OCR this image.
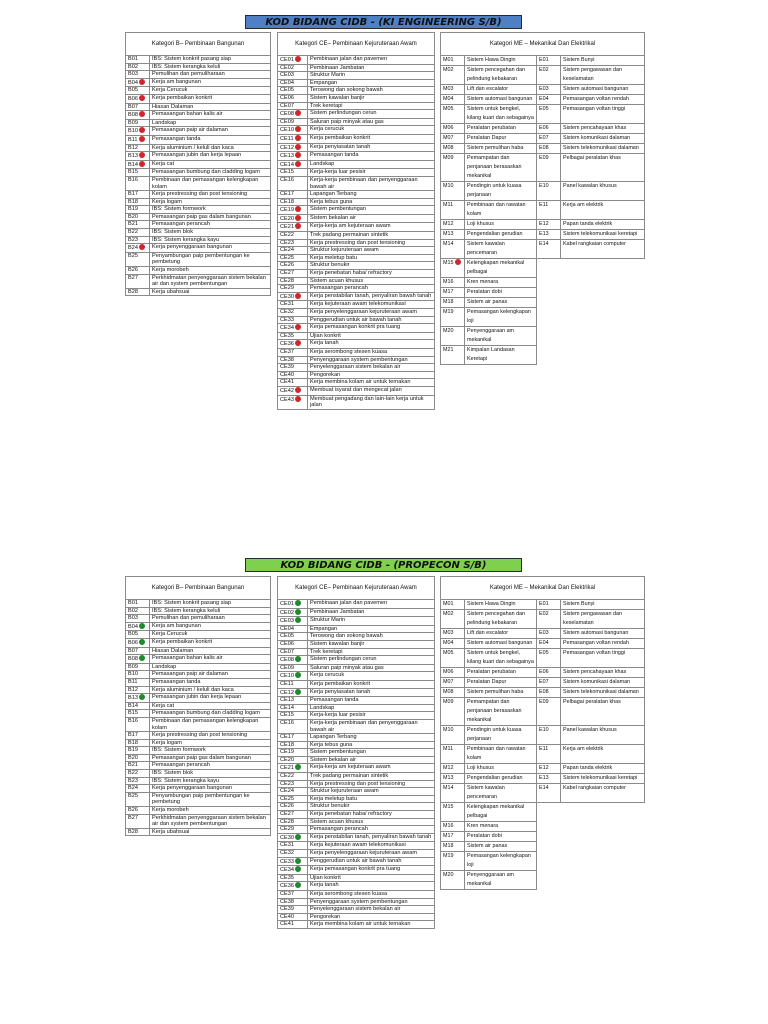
KOD BIDANG CIDB - (KI ENGINEERING S/B)
Kategori B– Pembinaan Bangunan	
B01	IBS: Sistem konkrit pasang siap
B02	IBS: Sistem kerangka keluli
B03	Pemulihan dan pemuliharaan
B04	Kerja am bangunan
B05	Kerja Cerucuk
B06	Kerja pembaikan konkrit
B07	Hiasan Dalaman
B08	Pemasangan bahan kalis air
B09	Landskap
B10	Pemasangan paip air dalaman
B11	Pemasangan tanda
B12	Kerja aluminium / keluli dan kaca
B13	Pemasangan jubin dan kerja lepaan
B14	Kerja cat
B15	Pemasangan bumbung dan cladding logam
B16	Pembinaan dan pemasangan kelengkapan kolam
B17	Kerja prestressing dan post tensioning
B18	Kerja logam
B19	IBS: Sistem formwork
B20	Pemasangan paip gas dalam bangunan
B21	Pemasangan perancah
B22	IBS: Sistem blok
B23	IBS: Sistem kerangka kayu
B24	Kerja penyenggaraan bangunan
B25	Penyambungan paip pembentungan ke pembetung
B26	Kerja morobeh
B27	Perkhidmatan penyenggaraan sistem bekalan air dan system pembentungan
B28	Kerja ubahsuai
Kategori CE– Pembinaan Kejuruteraan Awam	
CE01	Pembinaan jalan dan pavemen
CE02	Pembinaan Jambatan
CE03	Struktur Marin
CE04	Empangan
CE05	Terowong dan sokong bawah
CE06	Sistem kawalan banjir
CE07	Trek keretapi
CE08	Sistem perlindungan cerun
CE09	Saluran paip minyak atau gas
CE10	Kerja cerucuk
CE11	Kerja pembaikan konkrit
CE12	Kerja penyiasatan tanah
CE13	Pemasangan tanda
CE14	Landskap
CE15	Kerja-kerja luar pesisir
CE16	Kerja-kerja pembinaan dan penyenggaraan bawah air
CE17	Lapangan Terbang
CE18	Kerja tebus guna
CE19	Sistem pembentungan
CE20	Sistem bekalan air
CE21	Kerja-kerja am kejuteraan awam
CE22	Trek padang permainan sintetik
CE23	Kerja prestressing dan post tensioning
CE24	Struktur kejuruteraan awam
CE25	Kerja meletup batu
CE26	Struktur benukir
CE27	Kerja penebatan haba/ refractory
CE28	Sistem acuan khusus
CE29	Pemasangan perancah
CE30	Kerja penstabilan tanah, penyaliran bawah tanah
CE31	Kerja kejuteraan awam telekomunikasi
CE32	Kerja penyelenggaraan kejuruteraan awam
CE33	Penggerudian untuk air bawah tanah
CE34	Kerja pemasangan konkrit pra tuang
CE35	Ujian konkrit
CE36	Kerja tanah
CE37	Kerja serombong stesen kuasa
CE38	Penyenggaraan system pembentungan
CE39	Penyelenggaraan sistem bekalan air
CE40	Pengorekan
CE41	Kerja membina kolam air untuk ternakan
CE42	Membuat isyarat dan mengecat jalan
CE43	Membuat pengadang dan lain-lain kerja untuk jalan
Kategori ME – Mekanikal Dan Elektrikal			
M01	Sistem Hawa Dingin	E01	Sistem Bunyi
M02	Sistem pencegahan dan pelindung kebakaran	E02	Sistem pengawasan dan keselamatan
M03	Lift dan escalator	E03	Sistem automasi bangunan
M04	Sistem automasi bangunan	E04	Pemasangan voltan rendah
M05	Sistem untuk bengkel, kilang kuari dan sebagainya	E05	Pemasangan voltan tinggi
M06	Peralatan perubatan	E06	Sistem pencahayaan khas
M07	Peralatan Dapur	E07	Sistem komunikasi dalaman
M08	Sistem pemulihan haba	E08	Sistem telekomunikasi dalaman
M09	Pemampatan dan penjanaan berasaskan mekanikal	E09	Pelbagai peralatan khas
M10	Pendingin untuk kuasa perjanaan	E10	Panel kawalan khusus
M11	Pembinaan dan rawatan kolam	E11	Kerja am elektrik
M12	Loji khusus	E12	Papan tanda elektrik
M13	Pengendalian gerudian	E13	Sistem telekomunikasi keretapi
M14	Sistem kawalan pencemaran	E14	Kabel rangkaian computer
M15	Kelengkapan mekanikal pelbagai		
M16	Kren menara		
M17	Peralatan dobi		
M18	Sistem air panas		
M19	Pemasangan kelengkapan loji		
M20	Penyenggaraan am mekanikal		
M21	Kimpalan Landasan Keretapi		
KOD BIDANG CIDB - (PROPECON S/B)
Kategori B– Pembinaan Bangunan	
B01	IBS: Sistem konkrit pasang siap
B02	IBS: Sistem kerangka keluli
B03	Pemulihan dan pemuliharaan
B04	Kerja am bangunan
B05	Kerja Cerucuk
B06	Kerja pembaikan konkrit
B07	Hiasan Dalaman
B08	Pemasangan bahan kalis air
B09	Landskap
B10	Pemasangan paip air dalaman
B11	Pemasangan tanda
B12	Kerja aluminium / keluli dan kaca
B13	Pemasangan jubin dan kerja lepaan
B14	Kerja cat
B15	Pemasangan bumbung dan cladding logam
B16	Pembinaan dan pemasangan kelengkapan kolam
B17	Kerja prestressing dan post tensioning
B18	Kerja logam
B19	IBS: Sistem formwork
B20	Pemasangan paip gas dalam bangunan
B21	Pemasangan perancah
B22	IBS: Sistem blok
B23	IBS: Sistem kerangka kayu
B24	Kerja penyenggaraan bangunan
B25	Penyambungan paip pembentungan ke pembetung
B26	Kerja morobeh
B27	Perkhidmatan penyenggaraan sistem bekalan air dan system pembentungan
B28	Kerja ubahsuai
Kategori CE– Pembinaan Kejuruteraan Awam	
CE01	Pembinaan jalan dan pavemen
CE02	Pembinaan Jambatan
CE03	Struktur Marin
CE04	Empangan
CE05	Terowong dan sokong bawah
CE06	Sistem kawalan banjir
CE07	Trek keretapi
CE08	Sistem perlindungan cerun
CE09	Saluran paip minyak atau gas
CE10	Kerja cerucuk
CE11	Kerja pembaikan konkrit
CE12	Kerja penyiasatan tanah
CE13	Pemasangan tanda
CE14	Landskap
CE15	Kerja-kerja luar pesisir
CE16	Kerja-kerja pembinaan dan penyenggaraan bawah air
CE17	Lapangan Terbang
CE18	Kerja tebus guna
CE19	Sistem pembentungan
CE20	Sistem bekalan air
CE21	Kerja-kerja am kejuteraan awam
CE22	Trek padang permainan sintetik
CE23	Kerja prestressing dan post tensioning
CE24	Struktur kejuruteraan awam
CE25	Kerja meletup batu
CE26	Struktur benukir
CE27	Kerja penebatan haba/ refractory
CE28	Sistem acuan khusus
CE29	Pemasangan perancah
CE30	Kerja penstabilan tanah, penyaliran bawah tanah
CE31	Kerja kejuteraan awam telekomunikasi
CE32	Kerja penyelenggaraan kejuruteraan awam
CE33	Penggerudian untuk air bawah tanah
CE34	Kerja pemasangan konkrit pra tuang
CE35	Ujian konkrit
CE36	Kerja tanah
CE37	Kerja serombong stesen kuasa
CE38	Penyenggaraan system pembentungan
CE39	Penyelenggaraan sistem bekalan air
CE40	Pengorekan
CE41	Kerja membina kolam air untuk ternakan
Kategori ME – Mekanikal Dan Elektrikal			
M01	Sistem Hawa Dingin	E01	Sistem Bunyi
M02	Sistem pencegahan dan pelindung kebakaran	E02	Sistem pengawasan dan keselamatan
M03	Lift dan escalator	E03	Sistem automasi bangunan
M04	Sistem automasi bangunan	E04	Pemasangan voltan rendah
M05	Sistem untuk bengkel, kilang kuari dan sebagainya	E05	Pemasangan voltan tinggi
M06	Peralatan perubatan	E06	Sistem pencahayaan khas
M07	Peralatan Dapur	E07	Sistem komunikasi dalaman
M08	Sistem pemulihan haba	E08	Sistem telekomunikasi dalaman
M09	Pemampatan dan penjanaan berasaskan mekanikal	E09	Pelbagai peralatan khas
M10	Pendingin untuk kuasa perjanaan	E10	Panel kawalan khusus
M11	Pembinaan dan rawatan kolam	E11	Kerja am elektrik
M12	Loji khusus	E12	Papan tanda elektrik
M13	Pengendalian gerudian	E13	Sistem telekomunikasi keretapi
M14	Sistem kawalan pencemaran	E14	Kabel rangkaian computer
M15	Kelengkapan mekanikal pelbagai		
M16	Kren menara		
M17	Peralatan dobi		
M18	Sistem air panas		
M19	Pemasangan kelengkapan loji		
M20	Penyenggaraan am mekanikal		
